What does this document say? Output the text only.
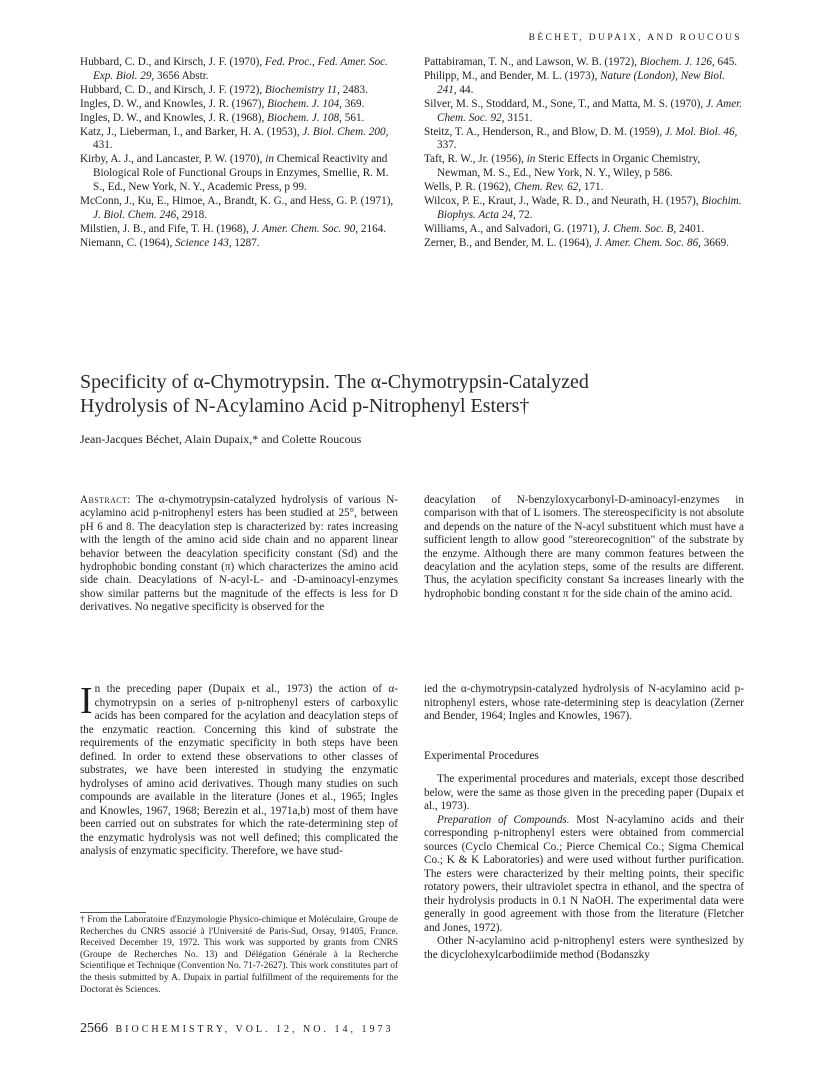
BÉCHET, DUPAIX, AND ROUCOUS

Hubbard, C. D., and Kirsch, J. F. (1970), Fed. Proc., Fed. Amer. Soc. Exp. Biol. 29, 3656 Abstr.

Hubbard, C. D., and Kirsch, J. F. (1972), Biochemistry 11, 2483.

Ingles, D. W., and Knowles, J. R. (1967), Biochem. J. 104, 369.

Ingles, D. W., and Knowles, J. R. (1968), Biochem. J. 108, 561.

Katz, J., Lieberman, I., and Barker, H. A. (1953), J. Biol. Chem. 200, 431.

Kirby, A. J., and Lancaster, P. W. (1970), in Chemical Reactivity and Biological Role of Functional Groups in Enzymes, Smellie, R. M. S., Ed., New York, N. Y., Academic Press, p 99.

McConn, J., Ku, E., Himoe, A., Brandt, K. G., and Hess, G. P. (1971), J. Biol. Chem. 246, 2918.

Milstien, J. B., and Fife, T. H. (1968), J. Amer. Chem. Soc. 90, 2164.

Niemann, C. (1964), Science 143, 1287.

Pattabiraman, T. N., and Lawson, W. B. (1972), Biochem. J. 126, 645.

Philipp, M., and Bender, M. L. (1973), Nature (London), New Biol. 241, 44.

Silver, M. S., Stoddard, M., Sone, T., and Matta, M. S. (1970), J. Amer. Chem. Soc. 92, 3151.

Steitz, T. A., Henderson, R., and Blow, D. M. (1959), J. Mol. Biol. 46, 337.

Taft, R. W., Jr. (1956), in Steric Effects in Organic Chemistry, Newman, M. S., Ed., New York, N. Y., Wiley, p 586.

Wells, P. R. (1962), Chem. Rev. 62, 171.

Wilcox, P. E., Kraut, J., Wade, R. D., and Neurath, H. (1957), Biochim. Biophys. Acta 24, 72.

Williams, A., and Salvadori, G. (1971), J. Chem. Soc. B, 2401.

Zerner, B., and Bender, M. L. (1964), J. Amer. Chem. Soc. 86, 3669.

Specificity of α-Chymotrypsin. The α-Chymotrypsin-Catalyzed
Hydrolysis of N-Acylamino Acid p-Nitrophenyl Esters†
Jean-Jacques Béchet, Alain Dupaix,* and Colette Roucous
Abstract: The α-chymotrypsin-catalyzed hydrolysis of various N-acylamino acid p-nitrophenyl esters has been studied at 25°, between pH 6 and 8. The deacylation step is characterized by: rates increasing with the length of the amino acid side chain and no apparent linear behavior between the deacylation specificity constant (Sd) and the hydrophobic bonding constant (π) which characterizes the amino acid side chain. Deacylations of N-acyl-L- and -D-aminoacyl-enzymes show similar patterns but the magnitude of the effects is less for D derivatives. No negative specificity is observed for the
deacylation of N-benzyloxycarbonyl-D-aminoacyl-enzymes in comparison with that of L isomers. The stereospecificity is not absolute and depends on the nature of the N-acyl substituent which must have a sufficient length to allow good "stereorecognition" of the substrate by the enzyme. Although there are many common features between the deacylation and the acylation steps, some of the results are different. Thus, the acylation specificity constant Sa increases linearly with the hydrophobic bonding constant π for the side chain of the amino acid.

In the preceding paper (Dupaix et al., 1973) the action of α-chymotrypsin on a series of p-nitrophenyl esters of carboxylic acids has been compared for the acylation and deacylation steps of the enzymatic reaction. Concerning this kind of substrate the requirements of the enzymatic specificity in both steps have been defined. In order to extend these observations to other classes of substrates, we have been interested in studying the enzymatic hydrolyses of amino acid derivatives. Though many studies on such compounds are available in the literature (Jones et al., 1965; Ingles and Knowles, 1967, 1968; Berezin et al., 1971a,b) most of them have been carried out on substrates for which the rate-determining step of the enzymatic hydrolysis was not well defined; this complicated the analysis of enzymatic specificity. Therefore, we have stud-

ied the α-chymotrypsin-catalyzed hydrolysis of N-acylamino acid p-nitrophenyl esters, whose rate-determining step is deacylation (Zerner and Bender, 1964; Ingles and Knowles, 1967).

Experimental Procedures

The experimental procedures and materials, except those described below, were the same as those given in the preceding paper (Dupaix et al., 1973).

Preparation of Compounds. Most N-acylamino acids and their corresponding p-nitrophenyl esters were obtained from commercial sources (Cyclo Chemical Co.; Pierce Chemical Co.; Sigma Chemical Co.; K & K Laboratories) and were used without further purification. The esters were characterized by their melting points, their specific rotatory powers, their ultraviolet spectra in ethanol, and the spectra of their hydrolysis products in 0.1 N NaOH. The experimental data were generally in good agreement with those from the literature (Fletcher and Jones, 1972).

Other N-acylamino acid p-nitrophenyl esters were synthesized by the dicyclohexylcarbodiimide method (Bodanszky

† From the Laboratoire d'Enzymologie Physico-chimique et Moléculaire, Groupe de Recherches du CNRS associé à l'Université de Paris-Sud, Orsay, 91405, France. Received December 19, 1972. This work was supported by grants from CNRS (Groupe de Recherches No. 13) and Délégation Générale à la Recherche Scientifique et Technique (Convention No. 71-7-2627). This work constitutes part of the thesis submitted by A. Dupaix in partial fulfillment of the requirements for the Doctorat ès Sciences.
2566 BIOCHEMISTRY, VOL. 12, NO. 14, 1973
